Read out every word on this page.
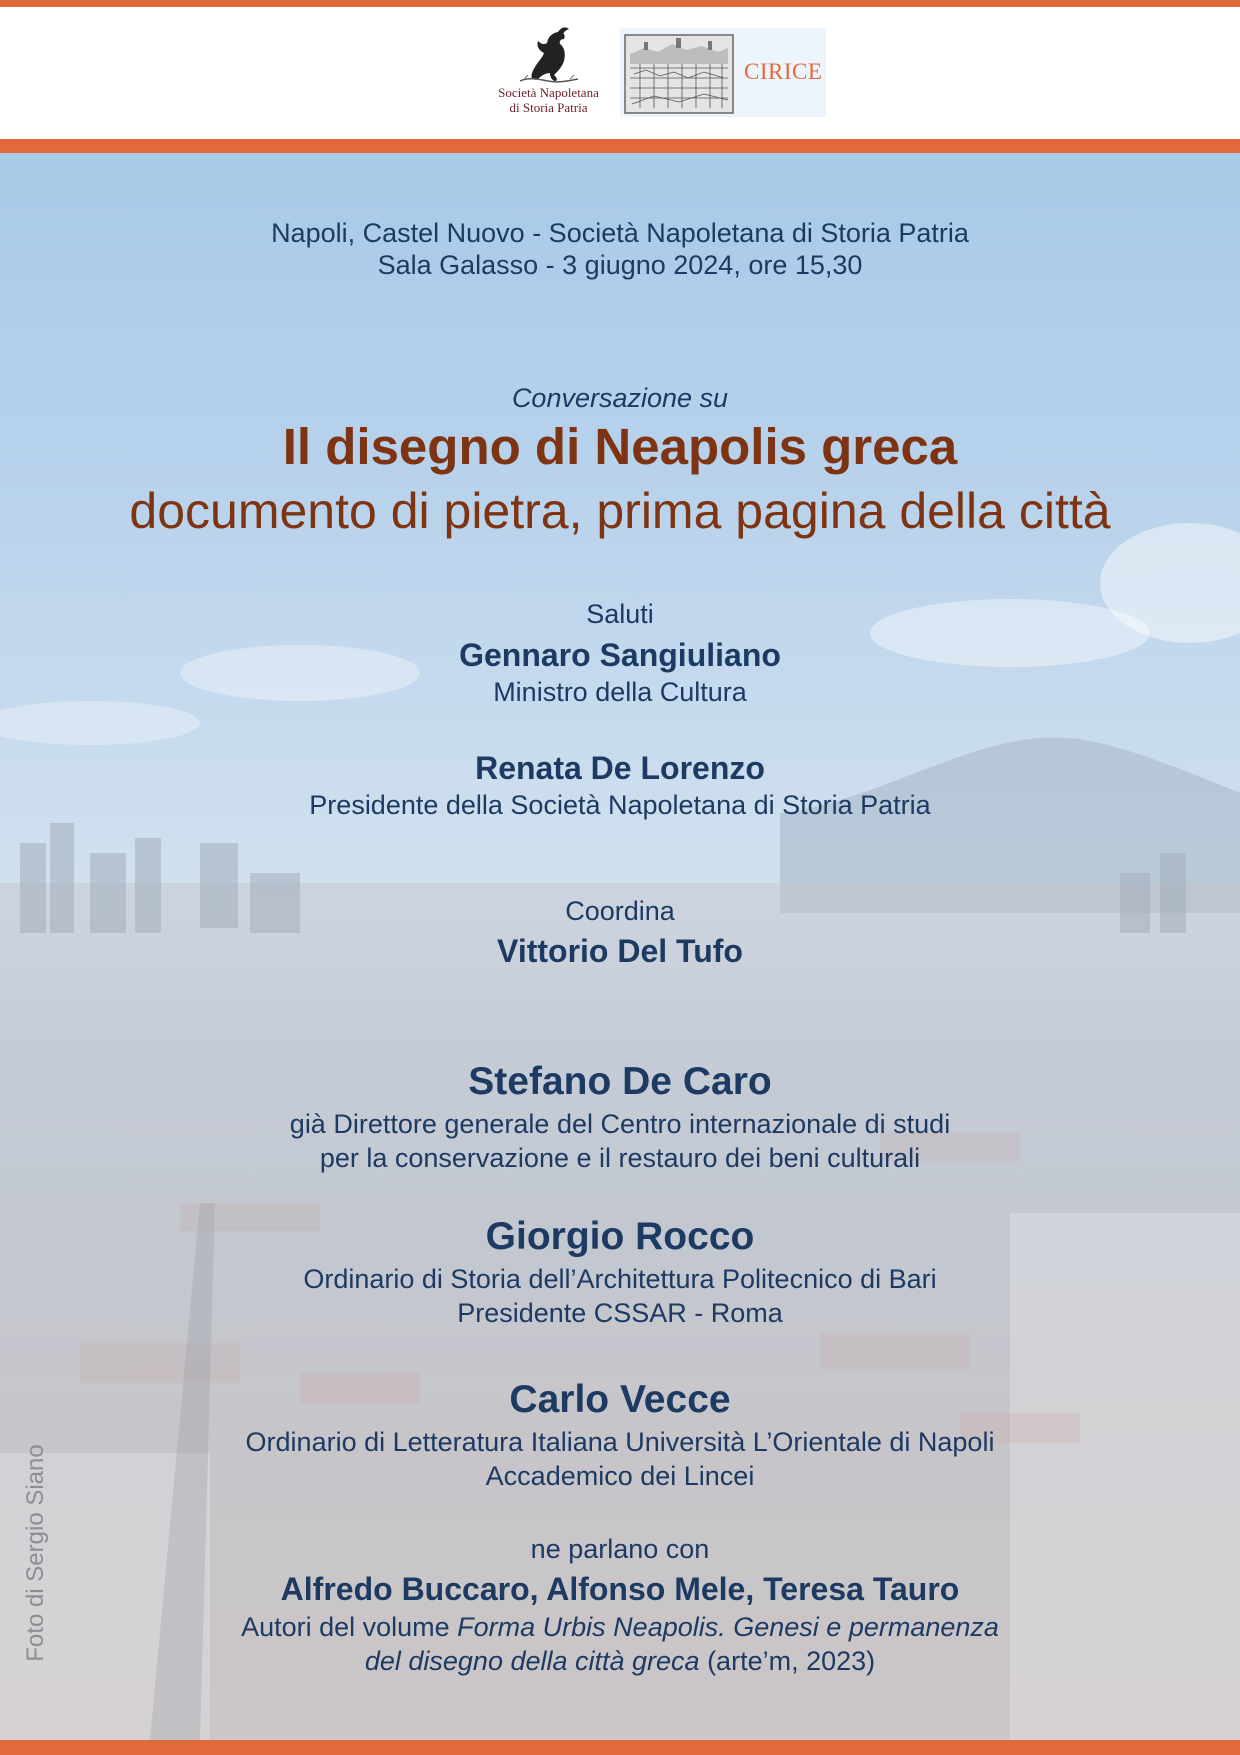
Società Napoletana
di Storia Patria
CIRICE
Napoli, Castel Nuovo - Società Napoletana di Storia Patria
Sala Galasso - 3 giugno 2024, ore 15,30
Conversazione su
Il disegno di Neapolis greca
documento di pietra, prima pagina della città
Saluti
Gennaro Sangiuliano
Ministro della Cultura
Renata De Lorenzo
Presidente della Società Napoletana di Storia Patria
Coordina
Vittorio Del Tufo
Stefano De Caro
già Direttore generale del Centro internazionale di studi
per la conservazione e il restauro dei beni culturali
Giorgio Rocco
Ordinario di Storia dell’Architettura Politecnico di Bari
Presidente CSSAR - Roma
Carlo Vecce
Ordinario di Letteratura Italiana Università L’Orientale di Napoli
Accademico dei Lincei
ne parlano con
Alfredo Buccaro, Alfonso Mele, Teresa Tauro
Autori del volume Forma Urbis Neapolis. Genesi e permanenza
del disegno della città greca (arte’m, 2023)
Foto di Sergio Siano
